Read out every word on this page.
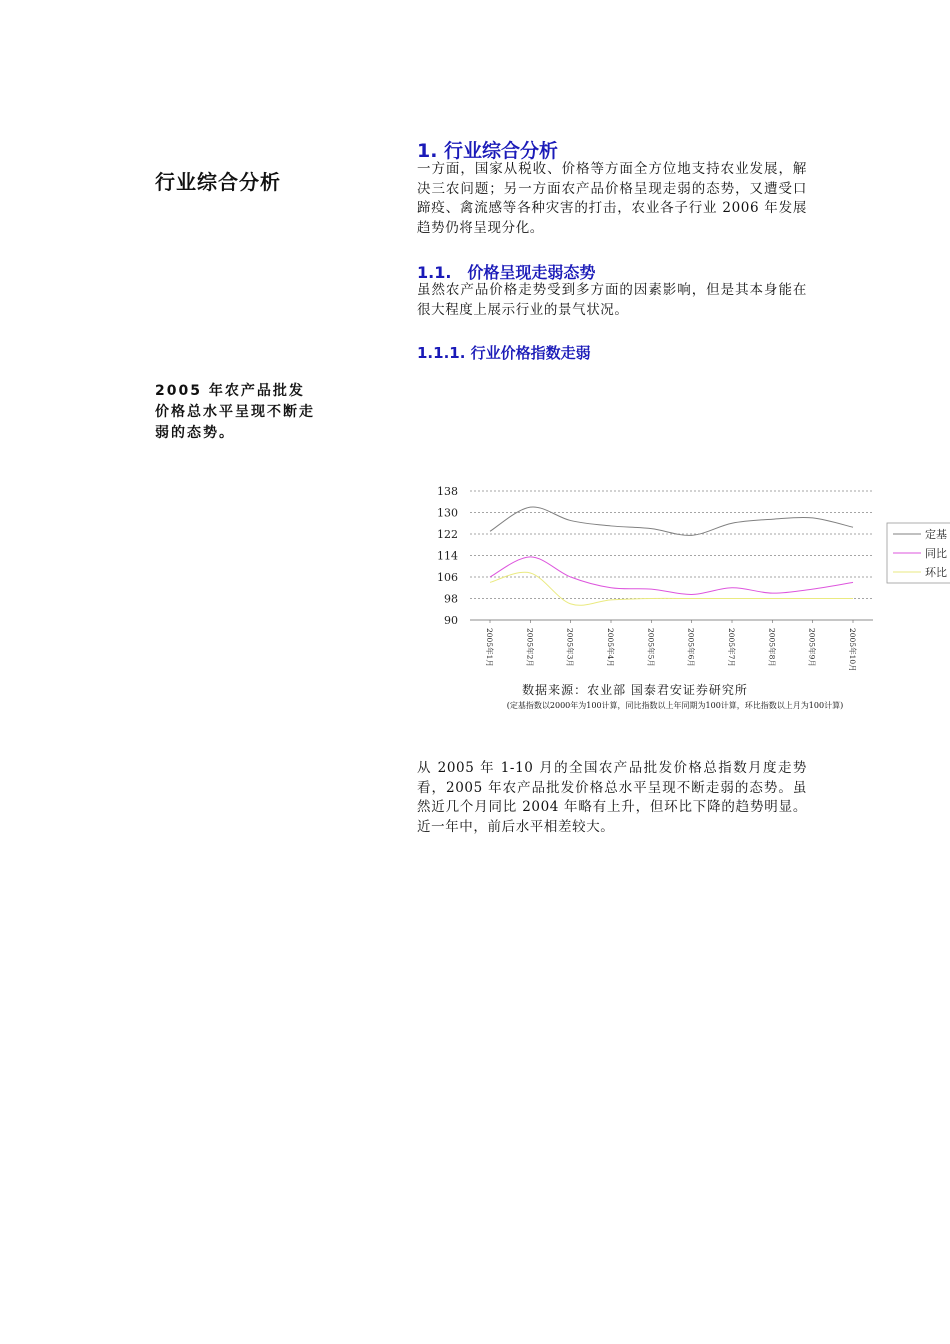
行业综合分析
2005 年农产品批发价格总水平呈现不断走弱的态势。
1. 行业综合分析
一方面，国家从税收、价格等方面全方位地支持农业发展，解决三农问题；另一方面农产品价格呈现走弱的态势，又遭受口蹄疫、禽流感等各种灾害的打击，农业各子行业 2006 年发展趋势仍将呈现分化。
1.1.　价格呈现走弱态势
虽然农产品价格走势受到多方面的因素影响，但是其本身能在很大程度上展示行业的景气状况。
1.1.1. 行业价格指数走弱
从 2005 年 1-10 月的全国农产品批发价格总指数月度走势看，2005 年农产品批发价格总水平呈现不断走弱的态势。虽然近几个月同比 2004 年略有上升，但环比下降的趋势明显。近一年中，前后水平相差较大。
90
98
106
114
122
130
138
2005年1月	2005年2月	2005年3月	2005年4月	2005年5月	2005年6月	2005年7月	2005年8月	2005年9月	2005年10月
定基
同比
环比
数据来源：农业部 国泰君安证券研究所
(定基指数以2000年为100计算，同比指数以上年同期为100计算，环比指数以上月为100计算)
